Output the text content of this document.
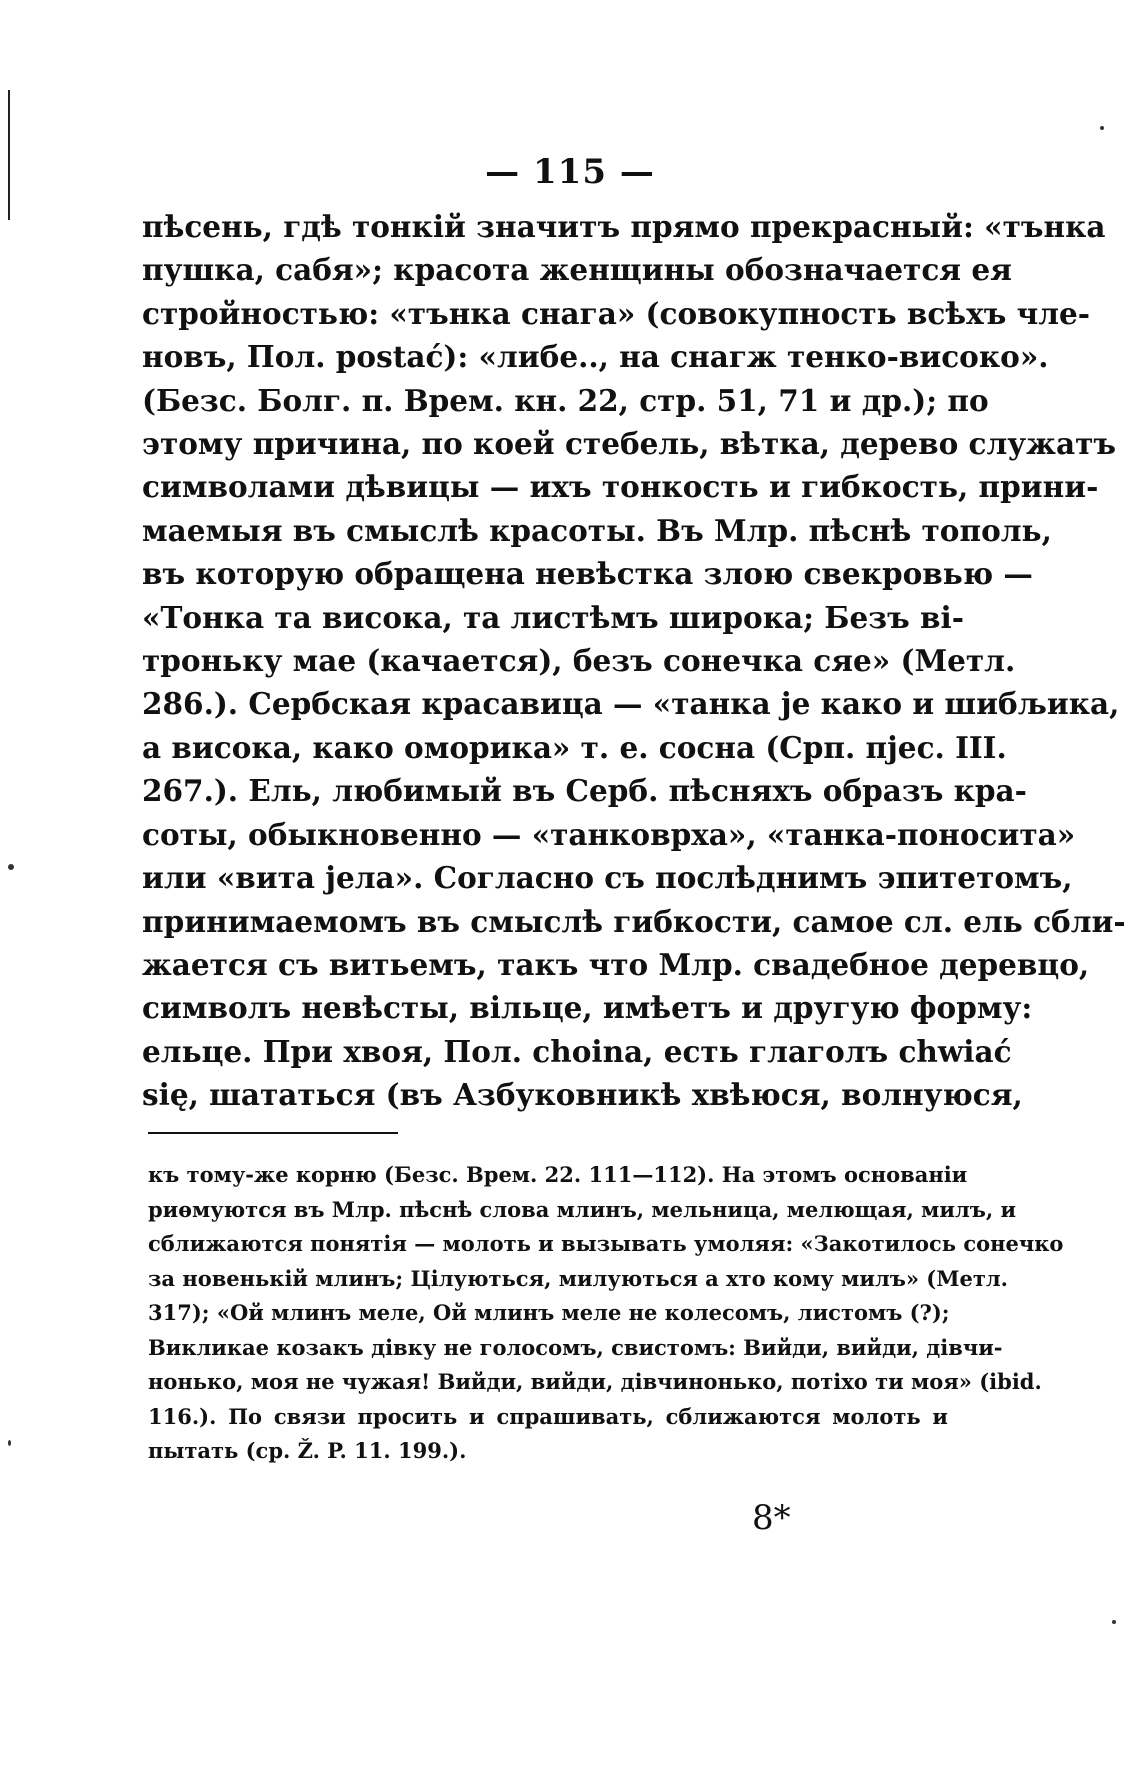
— 115 —
пѣсень, гдѣ тонкій значитъ прямо прекрасный: «тънка
пушка, сабя»; красота женщины обозначается ея
стройностью: «тънка снага» (совокупность всѣхъ чле-
новъ, Пол. postać): «либе.., на снагж тенко-високо».
(Безс. Болг. п. Врем. кн. 22, стр. 51, 71 и др.); по
этому причина, по коей стебель, вѣтка, дерево служатъ
символами дѣвицы — ихъ тонкость и гибкость, прини-
маемыя въ смыслѣ красоты. Въ Млр. пѣснѣ тополь,
въ которую обращена невѣстка злою свекровью —
«Тонка та висока, та листѣмъ широка; Безъ ві-
троньку мае (качается), безъ сонечка сяе» (Метл.
286.). Сербская красавица — «танка је како и шибљика,
а висока, како оморика» т. е. сосна (Срп. пјес. III.
267.). Ель, любимый въ Серб. пѣсняхъ образъ кра-
соты, обыкновенно — «танковрха», «танка-поносита»
или «вита јела». Согласно съ послѣднимъ эпитетомъ,
принимаемомъ въ смыслѣ гибкости, самое сл. ель сбли-
жается съ витьемъ, такъ что Млр. свадебное деревцо,
символъ невѣсты, вільце, имѣетъ и другую форму:
ельце. При хвоя, Пол. choina, есть глаголъ chwiać
się, шататься (въ Азбуковникѣ хвѣюся, волнуюся,
къ тому-же корню (Безс. Врем. 22. 111—112). На этомъ основаніи
риѳмуются въ Млр. пѣснѣ слова млинъ, мельница, мелющая, милъ, и
сближаются понятія — молоть и вызывать умоляя: «Закотилось сонечко
за новенькій млинъ; Цілуються, милуються а хто кому милъ» (Метл.
317); «Ой млинъ меле, Ой млинъ меле не колесомъ, листомъ (?);
Викликае козакъ дівку не голосомъ, свистомъ: Вийди, вийди, дівчи-
нонько, моя не чужая! Вийди, вийди, дівчинонько, потіхо ти моя» (ibid.
116.). По связи просить и спрашивать, сближаются молоть и
пытать (ср. Ž. P. 11. 199.).
8*
